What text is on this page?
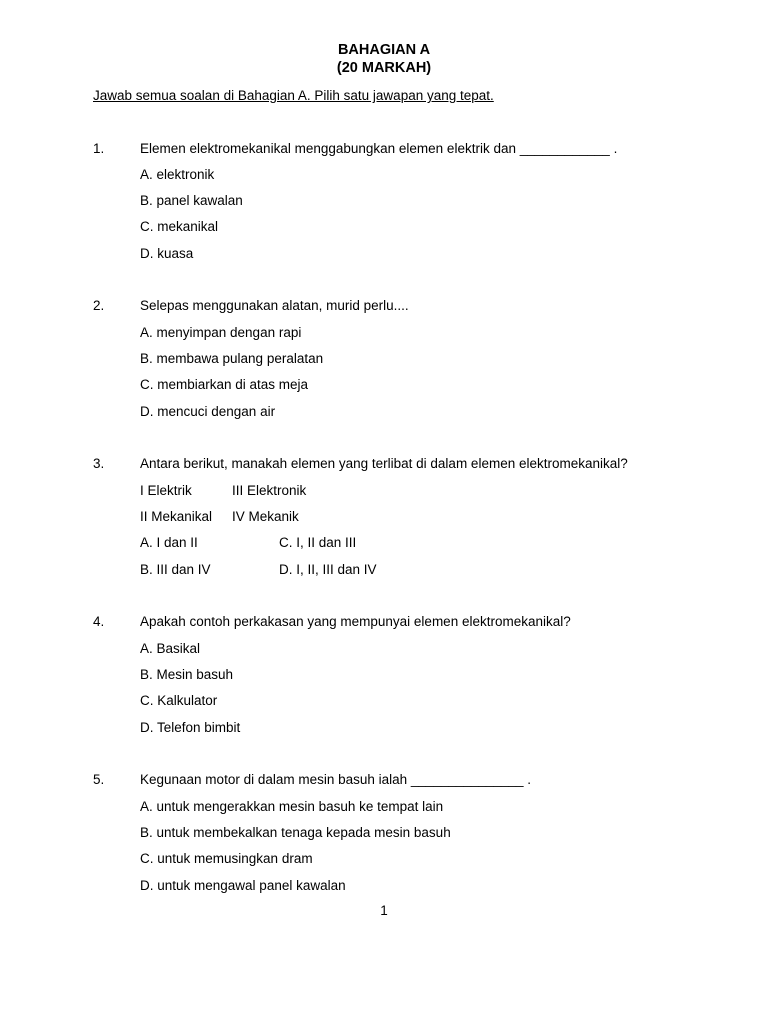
BAHAGIAN A
(20 MARKAH)
Jawab semua soalan di Bahagian A. Pilih satu jawapan yang tepat.
1.	Elemen elektromekanikal menggabungkan elemen elektrik dan ____________ .
A. elektronik
B. panel kawalan
C. mekanikal
D. kuasa
2.	Selepas menggunakan alatan, murid perlu....
A. menyimpan dengan rapi
B. membawa pulang peralatan
C. membiarkan di atas meja
D. mencuci dengan air
3.	Antara berikut, manakah elemen yang terlibat di dalam elemen elektromekanikal?
I Elektrik	III Elektronik
II Mekanikal IV Mekanik
A. I dan II	C. I, II dan III
B. III dan IV	D. I, II, III dan IV
4.	Apakah contoh perkakasan yang mempunyai elemen elektromekanikal?
A. Basikal
B. Mesin basuh
C. Kalkulator
D. Telefon bimbit
5.	Kegunaan motor di dalam mesin basuh ialah _______________ .
A. untuk mengerakkan mesin basuh ke tempat lain
B. untuk membekalkan tenaga kepada mesin basuh
C. untuk memusingkan dram
D. untuk mengawal panel kawalan
1
